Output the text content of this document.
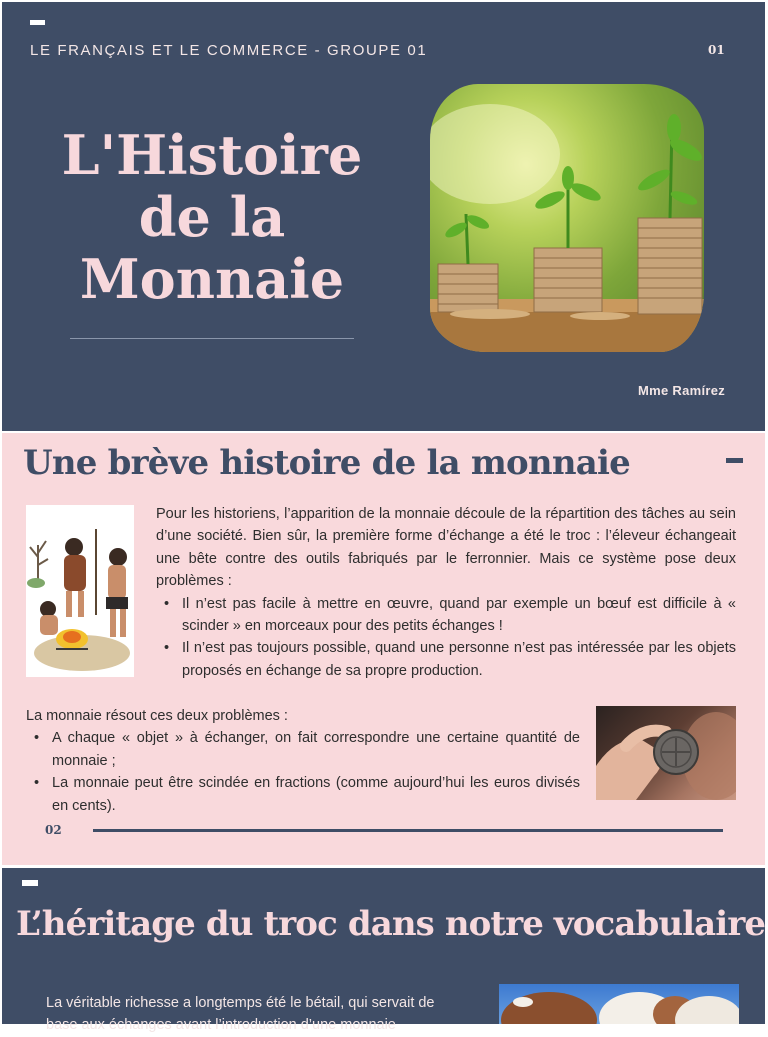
LE FRANÇAIS ET LE COMMERCE - GROUPE 01	01
L'Histoire
de la
Monnaie
Mme Ramírez
Une brève histoire de la monnaie

Pour les historiens, l’apparition de la monnaie découle de la répartition des tâches au sein d’une société. Bien sûr, la première forme d’échange a été le troc : l’éleveur échangeait une bête contre des outils fabriqués par le ferronnier. Mais ce système pose deux problèmes :

• Il n’est pas facile à mettre en œuvre, quand par exemple un bœuf est difficile à « scinder » en morceaux pour des petits échanges !
• Il n’est pas toujours possible, quand une personne n’est pas intéressée par les objets proposés en échange de sa propre production.

La monnaie résout ces deux problèmes :

• A chaque « objet » à échanger, on fait correspondre une certaine quantité de monnaie ;
• La monnaie peut être scindée en fractions (comme aujourd’hui les euros divisés en cents).
02
L’héritage du troc dans notre vocabulaire
La véritable richesse a longtemps été le bétail, qui servait de base aux échanges avant l’introduction d’une monnaie
